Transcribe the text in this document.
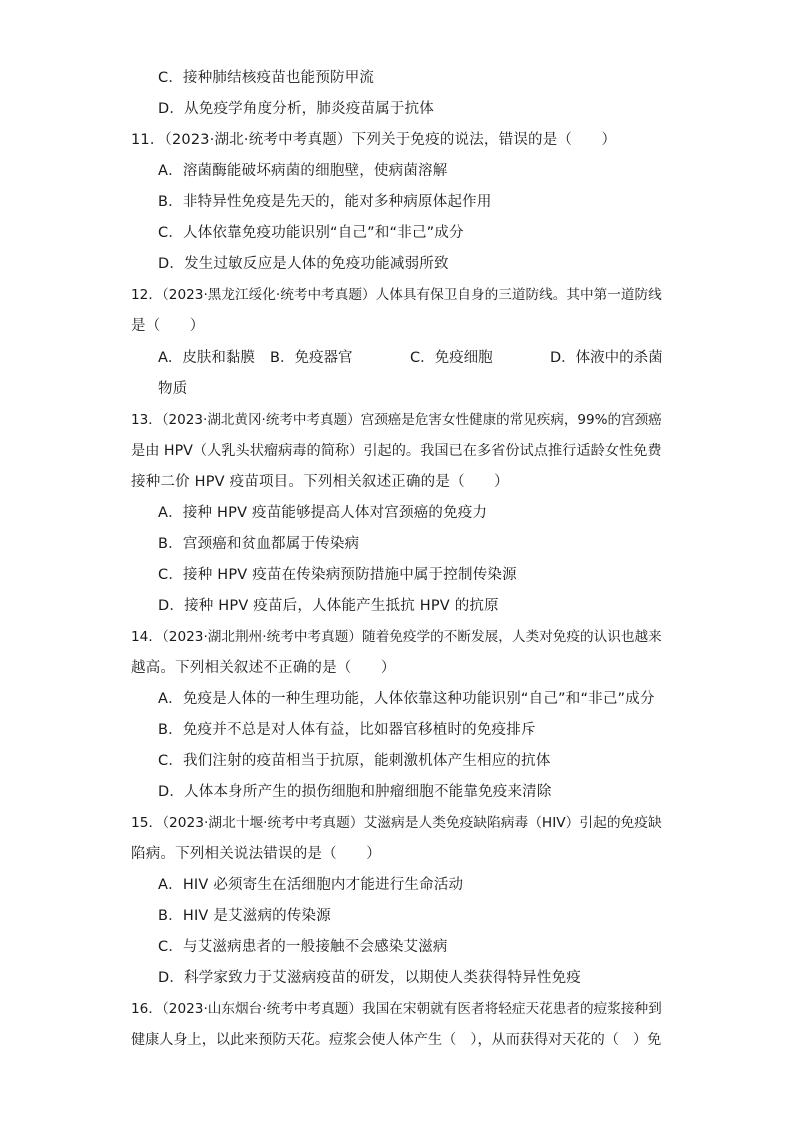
C．接种肺结核疫苗也能预防甲流
D．从免疫学角度分析，肺炎疫苗属于抗体
11．（2023·湖北·统考中考真题）下列关于免疫的说法，错误的是（　　）
A．溶菌酶能破坏病菌的细胞壁，使病菌溶解
B．非特异性免疫是先天的，能对多种病原体起作用
C．人体依靠免疫功能识别“自己”和“非己”成分
D．发生过敏反应是人体的免疫功能减弱所致
12．（2023·黑龙江绥化·统考中考真题）人体具有保卫自身的三道防线。其中第一道防线
是（　　）
A．皮肤和黏膜 B．免疫器官	C．免疫细胞	D．体液中的杀菌
物质
13．（2023·湖北黄冈·统考中考真题）宫颈癌是危害女性健康的常见疾病，99%的宫颈癌
是由 HPV（人乳头状瘤病毒的简称）引起的。我国已在多省份试点推行适龄女性免费
接种二价 HPV 疫苗项目。下列相关叙述正确的是（　　）
A．接种 HPV 疫苗能够提高人体对宫颈癌的免疫力
B．宫颈癌和贫血都属于传染病
C．接种 HPV 疫苗在传染病预防措施中属于控制传染源
D．接种 HPV 疫苗后，人体能产生抵抗 HPV 的抗原
14．（2023·湖北荆州·统考中考真题）随着免疫学的不断发展，人类对免疫的认识也越来
越高。下列相关叙述不正确的是（　　）
A．免疫是人体的一种生理功能，人体依靠这种功能识别“自己”和“非己”成分
B．免疫并不总是对人体有益，比如器官移植时的免疫排斥
C．我们注射的疫苗相当于抗原，能刺激机体产生相应的抗体
D．人体本身所产生的损伤细胞和肿瘤细胞不能靠免疫来清除
15．（2023·湖北十堰·统考中考真题）艾滋病是人类免疫缺陷病毒（HIV）引起的免疫缺
陷病。下列相关说法错误的是（　　）
A．HIV 必须寄生在活细胞内才能进行生命活动
B．HIV 是艾滋病的传染源
C．与艾滋病患者的一般接触不会感染艾滋病
D．科学家致力于艾滋病疫苗的研发，以期使人类获得特异性免疫
16．（2023·山东烟台·统考中考真题）我国在宋朝就有医者将轻症天花患者的痘浆接种到
健康人身上，以此来预防天花。痘浆会使人体产生（　），从而获得对天花的（　）免
